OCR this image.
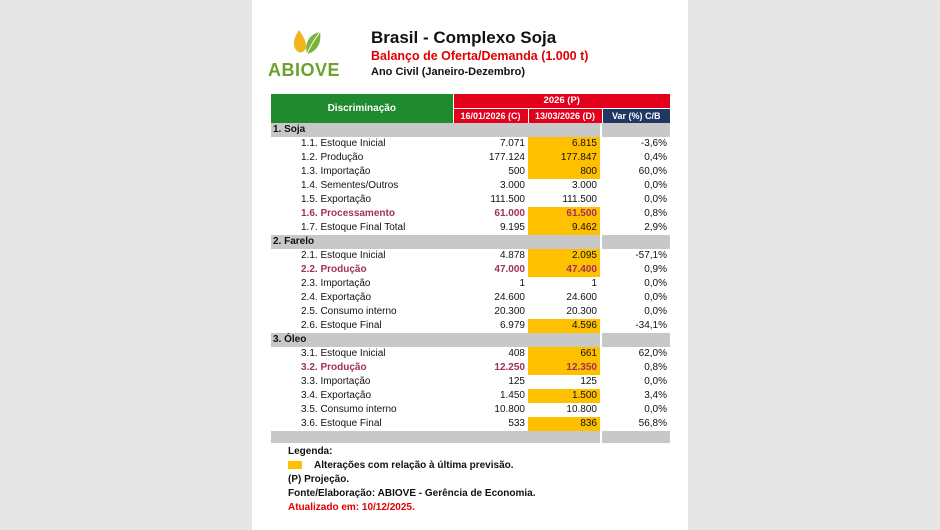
ABIOVE
Brasil - Complexo Soja
Balanço de Oferta/Demanda (1.000 t)
Ano Civil (Janeiro-Dezembro)
Discriminação	2026 (P)			
	16/01/2026 (C)	13/03/2026 (D)		Var (%) C/B
1. Soja				
1.1. Estoque Inicial	7.071	6.815		-3,6%
1.2. Produção	177.124	177.847		0,4%
1.3. Importação	500	800		60,0%
1.4. Sementes/Outros	3.000	3.000		0,0%
1.5. Exportação	111.500	111.500		0,0%
1.6. Processamento	61.000	61.500		0,8%
1.7. Estoque Final Total	9.195	9.462		2,9%
2. Farelo				
2.1. Estoque Inicial	4.878	2.095		-57,1%
2.2. Produção	47.000	47.400		0,9%
2.3. Importação	1	1		0,0%
2.4. Exportação	24.600	24.600		0,0%
2.5. Consumo interno	20.300	20.300		0,0%
2.6. Estoque Final	6.979	4.596		-34,1%
3. Óleo				
3.1. Estoque Inicial	408	661		62,0%
3.2. Produção	12.250	12.350		0,8%
3.3. Importação	125	125		0,0%
3.4. Exportação	1.450	1.500		3,4%
3.5. Consumo interno	10.800	10.800		0,0%
3.6. Estoque Final	533	836		56,8%

Legenda:
Alterações com relação à última previsão.
(P) Projeção.
Fonte/Elaboração: ABIOVE - Gerência de Economia.
Atualizado em: 10/12/2025.
